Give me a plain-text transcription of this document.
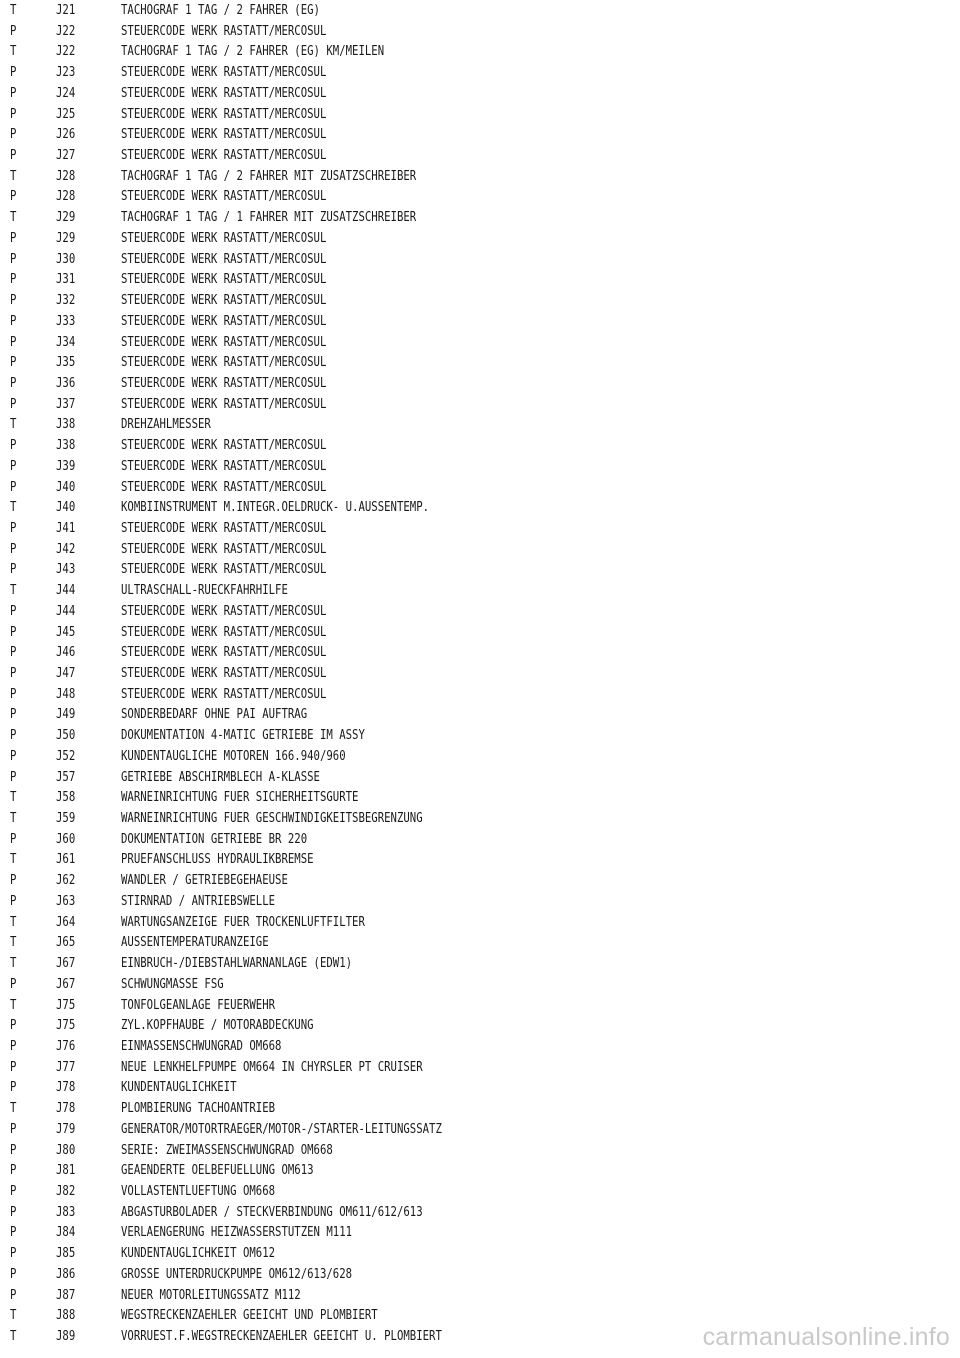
T	J21	TACHOGRAF 1 TAG / 2 FAHRER (EG)
P	J22	STEUERCODE WERK RASTATT/MERCOSUL
T	J22	TACHOGRAF 1 TAG / 2 FAHRER (EG) KM/MEILEN
P	J23	STEUERCODE WERK RASTATT/MERCOSUL
P	J24	STEUERCODE WERK RASTATT/MERCOSUL
P	J25	STEUERCODE WERK RASTATT/MERCOSUL
P	J26	STEUERCODE WERK RASTATT/MERCOSUL
P	J27	STEUERCODE WERK RASTATT/MERCOSUL
T	J28	TACHOGRAF 1 TAG / 2 FAHRER MIT ZUSATZSCHREIBER
P	J28	STEUERCODE WERK RASTATT/MERCOSUL
T	J29	TACHOGRAF 1 TAG / 1 FAHRER MIT ZUSATZSCHREIBER
P	J29	STEUERCODE WERK RASTATT/MERCOSUL
P	J30	STEUERCODE WERK RASTATT/MERCOSUL
P	J31	STEUERCODE WERK RASTATT/MERCOSUL
P	J32	STEUERCODE WERK RASTATT/MERCOSUL
P	J33	STEUERCODE WERK RASTATT/MERCOSUL
P	J34	STEUERCODE WERK RASTATT/MERCOSUL
P	J35	STEUERCODE WERK RASTATT/MERCOSUL
P	J36	STEUERCODE WERK RASTATT/MERCOSUL
P	J37	STEUERCODE WERK RASTATT/MERCOSUL
T	J38	DREHZAHLMESSER
P	J38	STEUERCODE WERK RASTATT/MERCOSUL
P	J39	STEUERCODE WERK RASTATT/MERCOSUL
P	J40	STEUERCODE WERK RASTATT/MERCOSUL
T	J40	KOMBIINSTRUMENT M.INTEGR.OELDRUCK- U.AUSSENTEMP.
P	J41	STEUERCODE WERK RASTATT/MERCOSUL
P	J42	STEUERCODE WERK RASTATT/MERCOSUL
P	J43	STEUERCODE WERK RASTATT/MERCOSUL
T	J44	ULTRASCHALL-RUECKFAHRHILFE
P	J44	STEUERCODE WERK RASTATT/MERCOSUL
P	J45	STEUERCODE WERK RASTATT/MERCOSUL
P	J46	STEUERCODE WERK RASTATT/MERCOSUL
P	J47	STEUERCODE WERK RASTATT/MERCOSUL
P	J48	STEUERCODE WERK RASTATT/MERCOSUL
P	J49	SONDERBEDARF OHNE PAI AUFTRAG
P	J50	DOKUMENTATION 4-MATIC GETRIEBE IM ASSY
P	J52	KUNDENTAUGLICHE MOTOREN 166.940/960
P	J57	GETRIEBE ABSCHIRMBLECH A-KLASSE
T	J58	WARNEINRICHTUNG FUER SICHERHEITSGURTE
T	J59	WARNEINRICHTUNG FUER GESCHWINDIGKEITSBEGRENZUNG
P	J60	DOKUMENTATION GETRIEBE BR 220
T	J61	PRUEFANSCHLUSS HYDRAULIKBREMSE
P	J62	WANDLER / GETRIEBEGEHAEUSE
P	J63	STIRNRAD / ANTRIEBSWELLE
T	J64	WARTUNGSANZEIGE FUER TROCKENLUFTFILTER
T	J65	AUSSENTEMPERATURANZEIGE
T	J67	EINBRUCH-/DIEBSTAHLWARNANLAGE (EDW1)
P	J67	SCHWUNGMASSE FSG
T	J75	TONFOLGEANLAGE FEUERWEHR
P	J75	ZYL.KOPFHAUBE / MOTORABDECKUNG
P	J76	EINMASSENSCHWUNGRAD OM668
P	J77	NEUE LENKHELFPUMPE OM664 IN CHYRSLER PT CRUISER
P	J78	KUNDENTAUGLICHKEIT
T	J78	PLOMBIERUNG TACHOANTRIEB
P	J79	GENERATOR/MOTORTRAEGER/MOTOR-/STARTER-LEITUNGSSATZ
P	J80	SERIE: ZWEIMASSENSCHWUNGRAD OM668
P	J81	GEAENDERTE OELBEFUELLUNG OM613
P	J82	VOLLASTENTLUEFTUNG OM668
P	J83	ABGASTURBOLADER / STECKVERBINDUNG OM611/612/613
P	J84	VERLAENGERUNG HEIZWASSERSTUTZEN M111
P	J85	KUNDENTAUGLICHKEIT OM612
P	J86	GROSSE UNTERDRUCKPUMPE OM612/613/628
P	J87	NEUER MOTORLEITUNGSSATZ M112
T	J88	WEGSTRECKENZAEHLER GEEICHT UND PLOMBIERT
T	J89	VORRUEST.F.WEGSTRECKENZAEHLER GEEICHT U. PLOMBIERT	carmanualsonline.info
